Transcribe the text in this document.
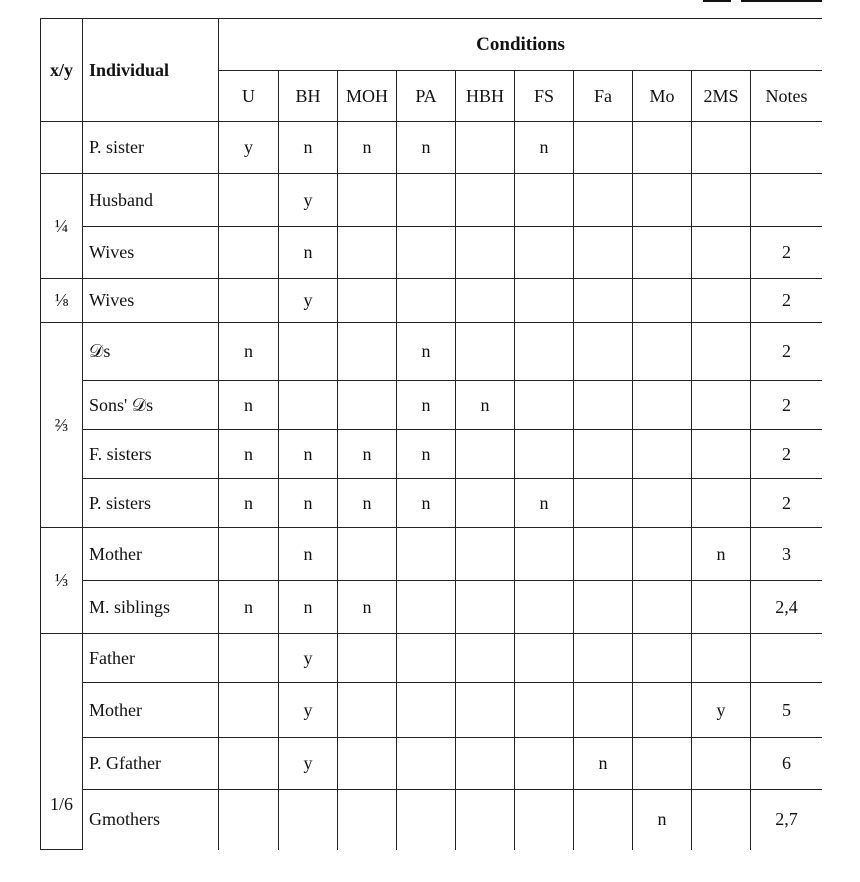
x/y	Individual	Conditions									
		U	BH	MOH	PA	HBH	FS	Fa	Mo	2MS	Notes
	P. sister	y	n	n	n		n				
¼	Husband		y								
	Wives		n								2
⅛	Wives		y								2
⅔	𝒟s	n			n						2
	Sons' 𝒟s	n			n	n					2
	F. sisters	n	n	n	n						2
	P. sisters	n	n	n	n		n				2
⅓	Mother		n							n	3
	M. siblings	n	n	n							2,4
1/6	Father		y								
	Mother		y							y	5
	P. Gfather		y					n			6
	Gmothers								n		2,7
